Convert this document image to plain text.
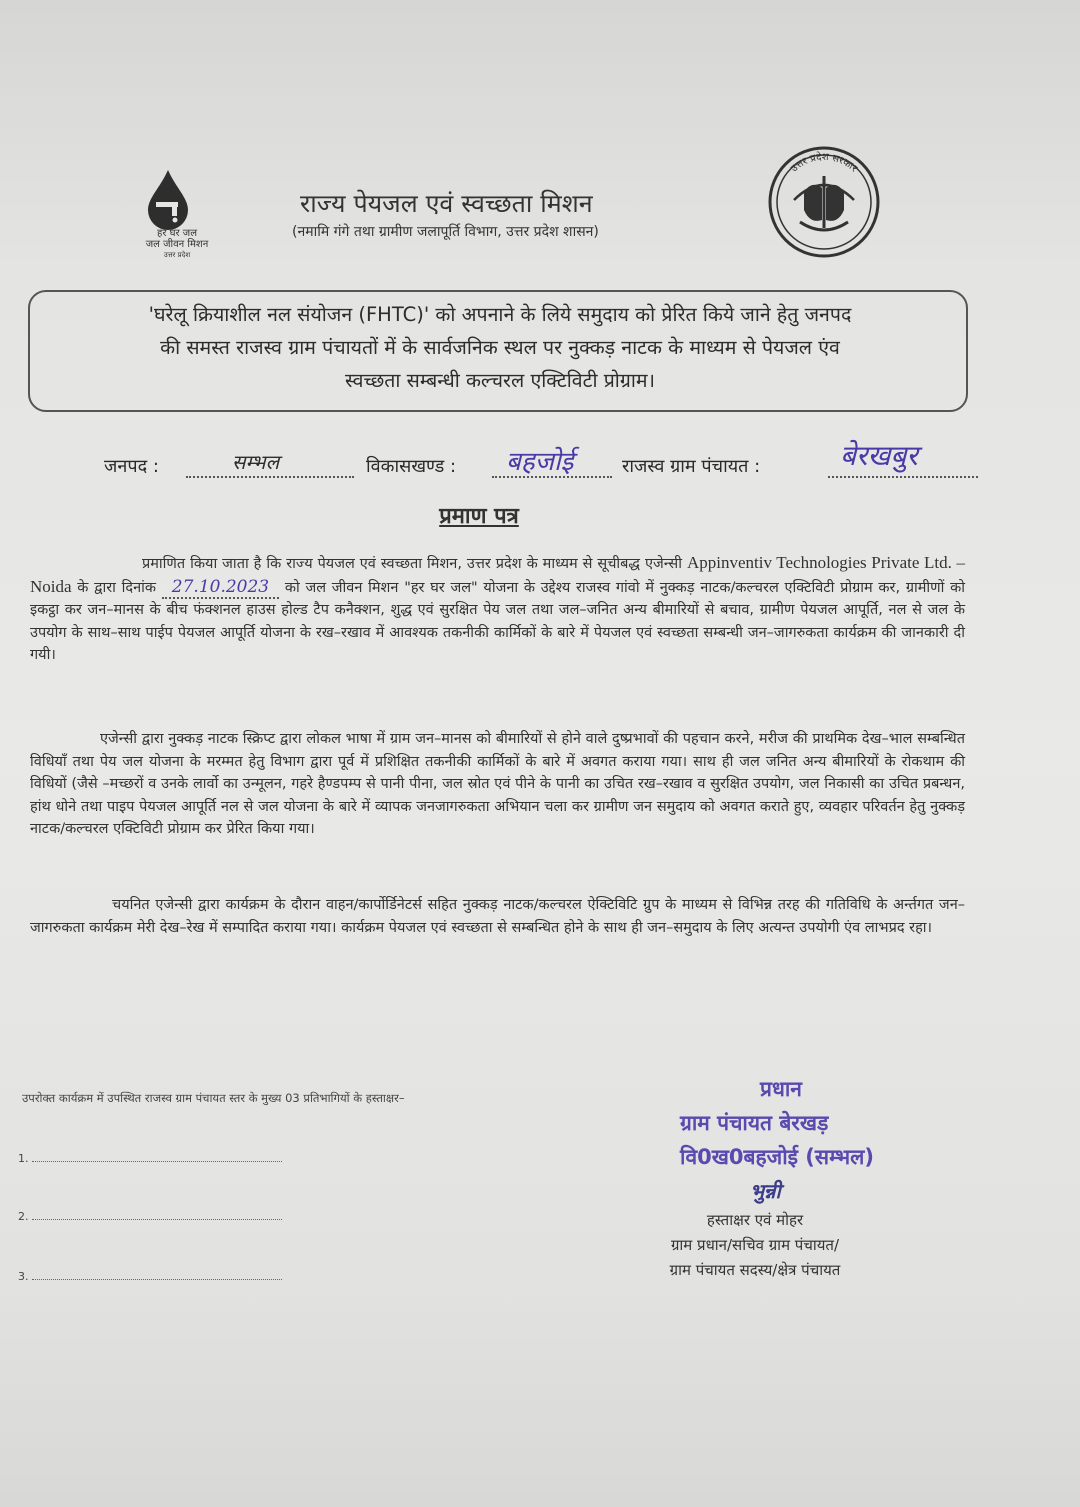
हर घर जल
जल जीवन मिशन
उत्तर प्रदेश
उत्तर प्रदेश सरकार
राज्य पेयजल एवं स्वच्छता मिशन
(नमामि गंगे तथा ग्रामीण जलापूर्ति विभाग, उत्तर प्रदेश शासन)
'घरेलू क्रियाशील नल संयोजन (FHTC)' को अपनाने के लिये समुदाय को प्रेरित किये जाने हेतु जनपद
की समस्त राजस्व ग्राम पंचायतों में के सार्वजनिक स्थल पर नुक्कड़ नाटक के माध्यम से पेयजल एंव
स्वच्छता सम्बन्धी कल्चरल एक्टिविटी प्रोग्राम।
जनपद :	सम्भल	विकासखण्ड : बहजोई	राजस्व ग्राम पंचायत :	बेरखबुर
प्रमाण पत्र
प्रमाणित किया जाता है कि राज्य पेयजल एवं स्वच्छता मिशन, उत्तर प्रदेश के माध्यम से सूचीबद्ध एजेन्सी Appinventiv Technologies Private Ltd. – Noida के द्वारा दिनांक 27.10.2023 को जल जीवन मिशन "हर घर जल" योजना के उद्देश्य राजस्व गांवो में नुक्कड़ नाटक/कल्चरल एक्टिविटी प्रोग्राम कर, ग्रामीणों को इकट्ठा कर जन–मानस के बीच फंक्शनल हाउस होल्ड टैप कनैक्शन, शुद्ध एवं सुरक्षित पेय जल तथा जल–जनित अन्य बीमारियों से बचाव, ग्रामीण पेयजल आपूर्ति, नल से जल के उपयोग के साथ–साथ पाईप पेयजल आपूर्ति योजना के रख–रखाव में आवश्यक तकनीकी कार्मिकों के बारे में पेयजल एवं स्वच्छता सम्बन्धी जन–जागरुकता कार्यक्रम की जानकारी दी गयी।
एजेन्सी द्वारा नुक्कड़ नाटक स्क्रिप्ट द्वारा लोकल भाषा में ग्राम जन–मानस को बीमारियों से होने वाले दुष्प्रभावों की पहचान करने, मरीज की प्राथमिक देख–भाल सम्बन्धित विधियाँ तथा पेय जल योजना के मरम्मत हेतु विभाग द्वारा पूर्व में प्रशिक्षित तकनीकी कार्मिकों के बारे में अवगत कराया गया। साथ ही जल जनित अन्य बीमारियों के रोकथाम की विधियों (जैसे –मच्छरों व उनके लार्वो का उन्मूलन, गहरे हैण्डपम्प से पानी पीना, जल स्रोत एवं पीने के पानी का उचित रख–रखाव व सुरक्षित उपयोग, जल निकासी का उचित प्रबन्धन, हांथ धोने तथा पाइप पेयजल आपूर्ति नल से जल योजना के बारे में व्यापक जनजागरुकता अभियान चला कर ग्रामीण जन समुदाय को अवगत कराते हुए, व्यवहार परिवर्तन हेतु नुक्कड़ नाटक/कल्चरल एक्टिविटी प्रोग्राम कर प्रेरित किया गया।
चयनित एजेन्सी द्वारा कार्यक्रम के दौरान वाहन/कार्पोर्डिनेटर्स सहित नुक्कड़ नाटक/कल्चरल ऐक्टिविटि ग्रुप के माध्यम से विभिन्न तरह की गतिविधि के अर्न्तगत जन–जागरुकता कार्यक्रम मेरी देख–रेख में सम्पादित कराया गया। कार्यक्रम पेयजल एवं स्वच्छता से सम्बन्धित होने के साथ ही जन–समुदाय के लिए अत्यन्त उपयोगी एंव लाभप्रद रहा।
उपरोक्त कार्यक्रम में उपस्थित राजस्व ग्राम पंचायत स्तर के मुख्य 03 प्रतिभागियों के हस्ताक्षर–
1.
2.
3.
प्रधान
ग्राम पंचायत बेरखड़
वि0ख0बहजोई (सम्भल)
भुन्नी
हस्ताक्षर एवं मोहर
ग्राम प्रधान/सचिव ग्राम पंचायत/
ग्राम पंचायत सदस्य/क्षेत्र पंचायत
